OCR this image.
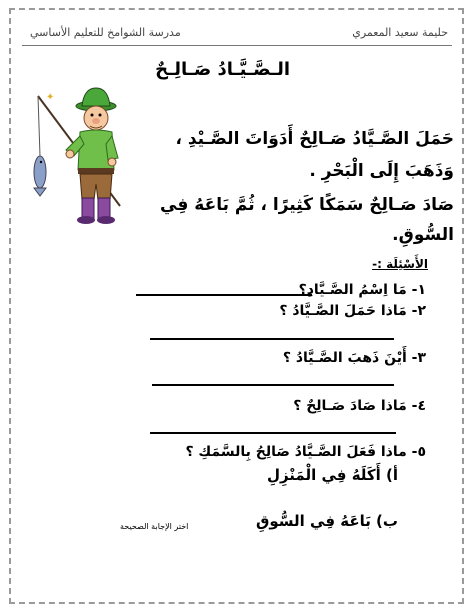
حليمة سعيد المعمري
مدرسة الشوامخ للتعليم الأساسي
الـصَّـيَّـادُ صَـالِـحٌ
✦
حَمَلَ الصَّـيَّادُ صَـالِحٌ أَدَوَاتَ الصَّـيْدِ ،
وَذَهَبَ إِلَى الْبَحْرِ .
صَادَ صَـالِحٌ سَمَكًا كَثِيرًا ، ثُمَّ بَاعَهُ فِي
السُّوقِ.
الأَسْئِلَة :-
١- مَا اِسْمُ الصَّـيَّادِ؟
٢- مَاذا حَمَلَ الصَّـيَّادُ ؟
٣- أَيْنَ ذَهبَ الصَّـيَّادُ ؟
٤- مَاذا صَادَ صَـالِحٌ ؟
٥- ماذا فَعَلَ الصَّـيَّادُ صَالِحُ بِالسَّمَكِ ؟
أ) أَكَلَهُ فِي الْمَنْزِلِ
ب) بَاعَهُ فِي السُّوقِ
اختر الإجابة الصحيحة
